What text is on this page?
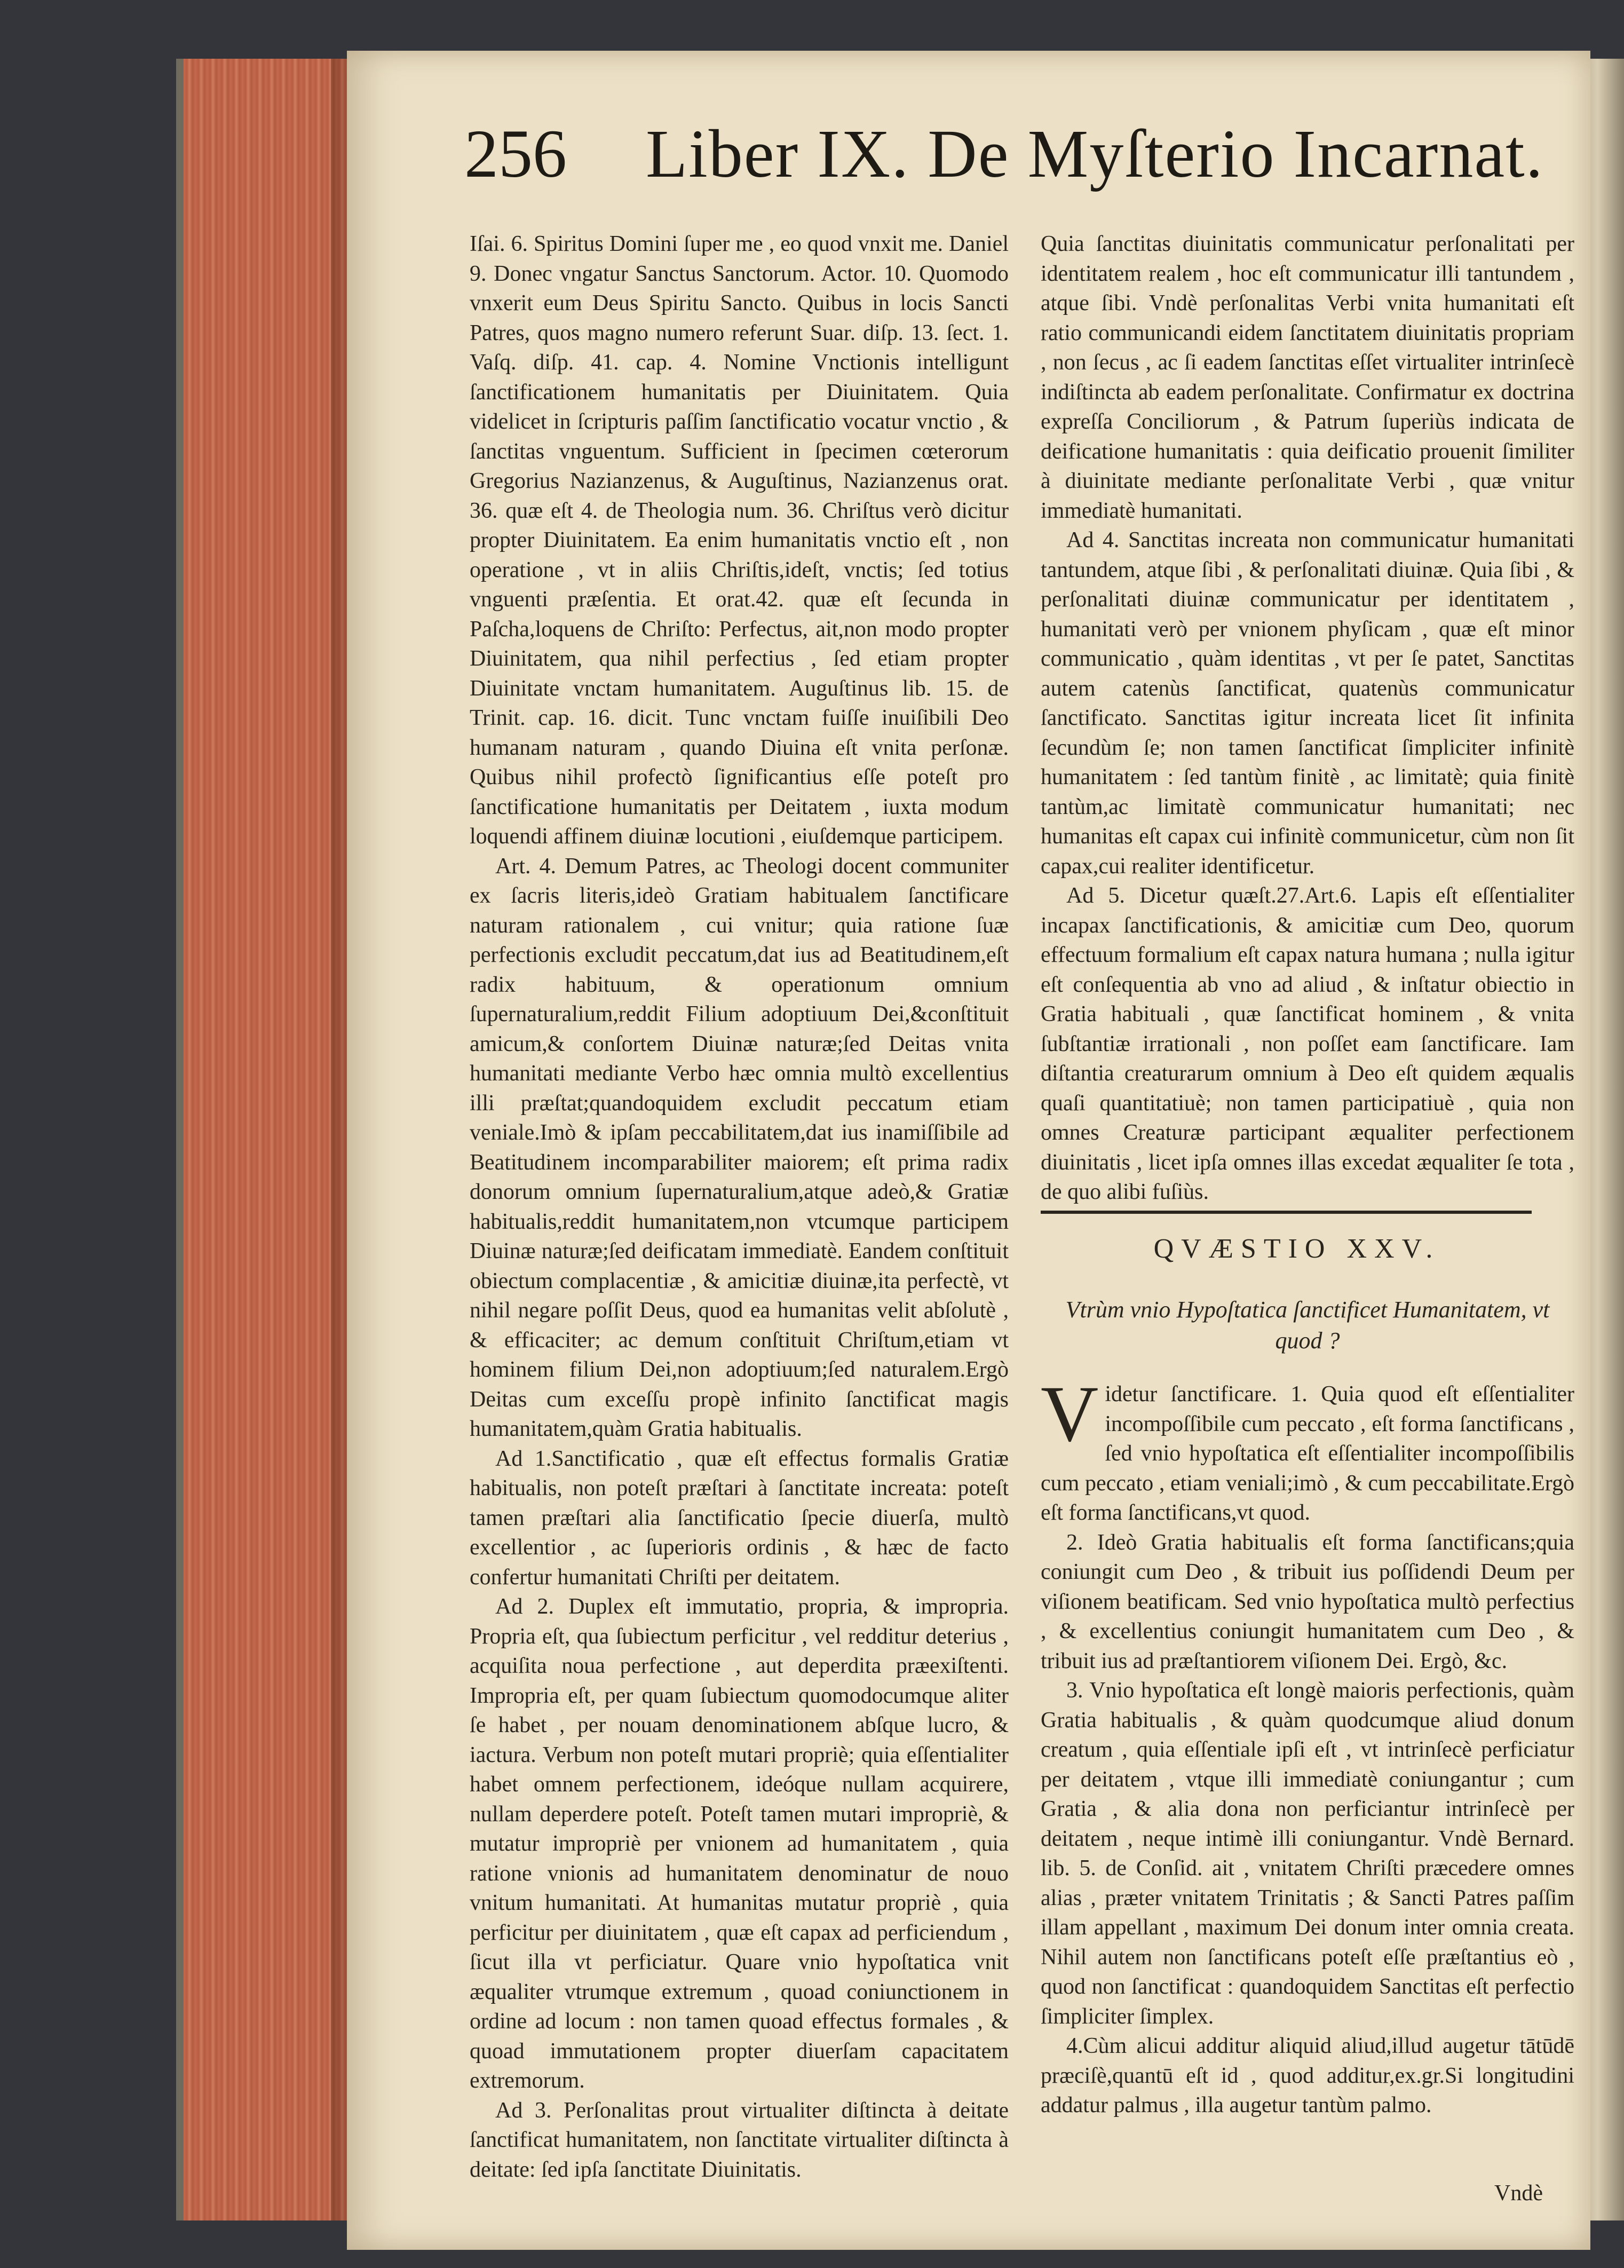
256 Liber IX. De Myſterio Incarnat.

Iſai. 6. Spiritus Domini ſuper me , eo quod vnxit me. Daniel 9. Donec vngatur Sanctus Sanctorum. Actor. 10. Quomodo vnxerit eum Deus Spiritu Sancto. Quibus in locis Sancti Patres, quos magno numero referunt Suar. diſp. 13. ſect. 1. Vaſq. diſp. 41. cap. 4. Nomine Vnctionis intelligunt ſanctificationem humanitatis per Diuinitatem. Quia videlicet in ſcripturis paſſim ſanctificatio vocatur vnctio , & ſanctitas vnguentum. Sufficient in ſpecimen cœterorum Gregorius Nazianzenus, & Auguſtinus, Nazianzenus orat. 36. quæ eſt 4. de Theologia num. 36. Chriſtus verò dicitur propter Diuinitatem. Ea enim humanitatis vnctio eſt , non operatione , vt in aliis Chriſtis,ideſt, vnctis; ſed totius vnguenti præſentia. Et orat.42. quæ eſt ſecunda in Paſcha,loquens de Chriſto: Perfectus, ait,non modo propter Diuinitatem, qua nihil perfectius , ſed etiam propter Diuinitate vnctam humanitatem. Auguſtinus lib. 15. de Trinit. cap. 16. dicit. Tunc vnctam fuiſſe inuiſibili Deo humanam naturam , quando Diuina eſt vnita perſonæ. Quibus nihil profectò ſignificantius eſſe poteſt pro ſanctificatione humanitatis per Deitatem , iuxta modum loquendi affinem diuinæ locutioni , eiuſdemque participem.

Art. 4. Demum Patres, ac Theologi docent communiter ex ſacris literis,ideò Gratiam habitualem ſanctificare naturam rationalem , cui vnitur; quia ratione ſuæ perfectionis excludit peccatum,dat ius ad Beatitudinem,eſt radix habituum, & operationum omnium ſupernaturalium,reddit Filium adoptiuum Dei,&conſtituit amicum,& conſortem Diuinæ naturæ;ſed Deitas vnita humanitati mediante Verbo hæc omnia multò excellentius illi præſtat;quandoquidem excludit peccatum etiam veniale.Imò & ipſam peccabilitatem,dat ius inamiſſibile ad Beatitudinem incomparabiliter maiorem; eſt prima radix donorum omnium ſupernaturalium,atque adeò,& Gratiæ habitualis,reddit humanitatem,non vtcumque participem Diuinæ naturæ;ſed deificatam immediatè. Eandem conſtituit obiectum complacentiæ , & amicitiæ diuinæ,ita perfectè, vt nihil negare poſſit Deus, quod ea humanitas velit abſolutè , & efficaciter; ac demum conſtituit Chriſtum,etiam vt hominem filium Dei,non adoptiuum;ſed naturalem.Ergò Deitas cum exceſſu propè infinito ſanctificat magis humanitatem,quàm Gratia habitualis.

Ad 1.Sanctificatio , quæ eſt effectus formalis Gratiæ habitualis, non poteſt præſtari à ſanctitate increata: poteſt tamen præſtari alia ſanctificatio ſpecie diuerſa, multò excellentior , ac ſuperioris ordinis , & hæc de facto confertur humanitati Chriſti per deitatem.

Ad 2. Duplex eſt immutatio, propria, & impropria. Propria eſt, qua ſubiectum perficitur , vel redditur deterius , acquiſita noua perfectione , aut deperdita præexiſtenti. Impropria eſt, per quam ſubiectum quomodocumque aliter ſe habet , per nouam denominationem abſque lucro, & iactura. Verbum non poteſt mutari propriè; quia eſſentialiter habet omnem perfectionem, ideóque nullam acquirere, nullam deperdere poteſt. Poteſt tamen mutari impropriè, & mutatur impropriè per vnionem ad humanitatem , quia ratione vnionis ad humanitatem denominatur de nouo vnitum humanitati. At humanitas mutatur propriè , quia perficitur per diuinitatem , quæ eſt capax ad perficiendum , ſicut illa vt perficiatur. Quare vnio hypoſtatica vnit æqualiter vtrumque extremum , quoad coniunctionem in ordine ad locum : non tamen quoad effectus formales , & quoad immutationem propter diuerſam capacitatem extremorum.

Ad 3. Perſonalitas prout virtualiter diſtincta à deitate ſanctificat humanitatem, non ſanctitate virtualiter diſtincta à deitate: ſed ipſa ſanctitate Diuinitatis.

Quia ſanctitas diuinitatis communicatur perſonalitati per identitatem realem , hoc eſt communicatur illi tantundem , atque ſibi. Vndè perſonalitas Verbi vnita humanitati eſt ratio communicandi eidem ſanctitatem diuinitatis propriam , non ſecus , ac ſi eadem ſanctitas eſſet virtualiter intrinſecè indiſtincta ab eadem perſonalitate. Confirmatur ex doctrina expreſſa Conciliorum , & Patrum ſuperiùs indicata de deificatione humanitatis : quia deificatio prouenit ſimiliter à diuinitate mediante perſonalitate Verbi , quæ vnitur immediatè humanitati.

Ad 4. Sanctitas increata non communicatur humanitati tantundem, atque ſibi , & perſonalitati diuinæ. Quia ſibi , & perſonalitati diuinæ communicatur per identitatem , humanitati verò per vnionem phyſicam , quæ eſt minor communicatio , quàm identitas , vt per ſe patet, Sanctitas autem catenùs ſanctificat, quatenùs communicatur ſanctificato. Sanctitas igitur increata licet ſit infinita ſecundùm ſe; non tamen ſanctificat ſimpliciter infinitè humanitatem : ſed tantùm finitè , ac limitatè; quia finitè tantùm,ac limitatè communicatur humanitati; nec humanitas eſt capax cui infinitè communicetur, cùm non ſit capax,cui realiter identificetur.

Ad 5. Dicetur quæſt.27.Art.6. Lapis eſt eſſentialiter incapax ſanctificationis, & amicitiæ cum Deo, quorum effectuum formalium eſt capax natura humana ; nulla igitur eſt conſequentia ab vno ad aliud , & inſtatur obiectio in Gratia habituali , quæ ſanctificat hominem , & vnita ſubſtantiæ irrationali , non poſſet eam ſanctificare. Iam diſtantia creaturarum omnium à Deo eſt quidem æqualis quaſi quantitatiuè; non tamen participatiuè , quia non omnes Creaturæ participant æqualiter perfectionem diuinitatis , licet ipſa omnes illas excedat æqualiter ſe tota , de quo alibi fuſiùs.

QVÆSTIO XXV.
Vtrùm vnio Hypoſtatica ſanctificet Humanitatem, vt quod ?

Videtur ſanctificare. 1. Quia quod eſt eſſentialiter incompoſſibile cum peccato , eſt forma ſanctificans , ſed vnio hypoſtatica eſt eſſentialiter incompoſſibilis cum peccato , etiam veniali;imò , & cum peccabilitate.Ergò eſt forma ſanctificans,vt quod.

2. Ideò Gratia habitualis eſt forma ſanctificans;quia coniungit cum Deo , & tribuit ius poſſidendi Deum per viſionem beatificam. Sed vnio hypoſtatica multò perfectius , & excellentius coniungit humanitatem cum Deo , & tribuit ius ad præſtantiorem viſionem Dei. Ergò, &c.

3. Vnio hypoſtatica eſt longè maioris perfectionis, quàm Gratia habitualis , & quàm quodcumque aliud donum creatum , quia eſſentiale ipſi eſt , vt intrinſecè perficiatur per deitatem , vtque illi immediatè coniungantur ; cum Gratia , & alia dona non perficiantur intrinſecè per deitatem , neque intimè illi coniungantur. Vndè Bernard. lib. 5. de Conſid. ait , vnitatem Chriſti præcedere omnes alias , præter vnitatem Trinitatis ; & Sancti Patres paſſim illam appellant , maximum Dei donum inter omnia creata. Nihil autem non ſanctificans poteſt eſſe præſtantius eò , quod non ſanctificat : quandoquidem Sanctitas eſt perfectio ſimpliciter ſimplex.

4.Cùm alicui additur aliquid aliud,illud augetur tātūdē præciſè,quantū eſt id , quod additur,ex.gr.Si longitudini addatur palmus , illa augetur tantùm palmo.

Vndè
